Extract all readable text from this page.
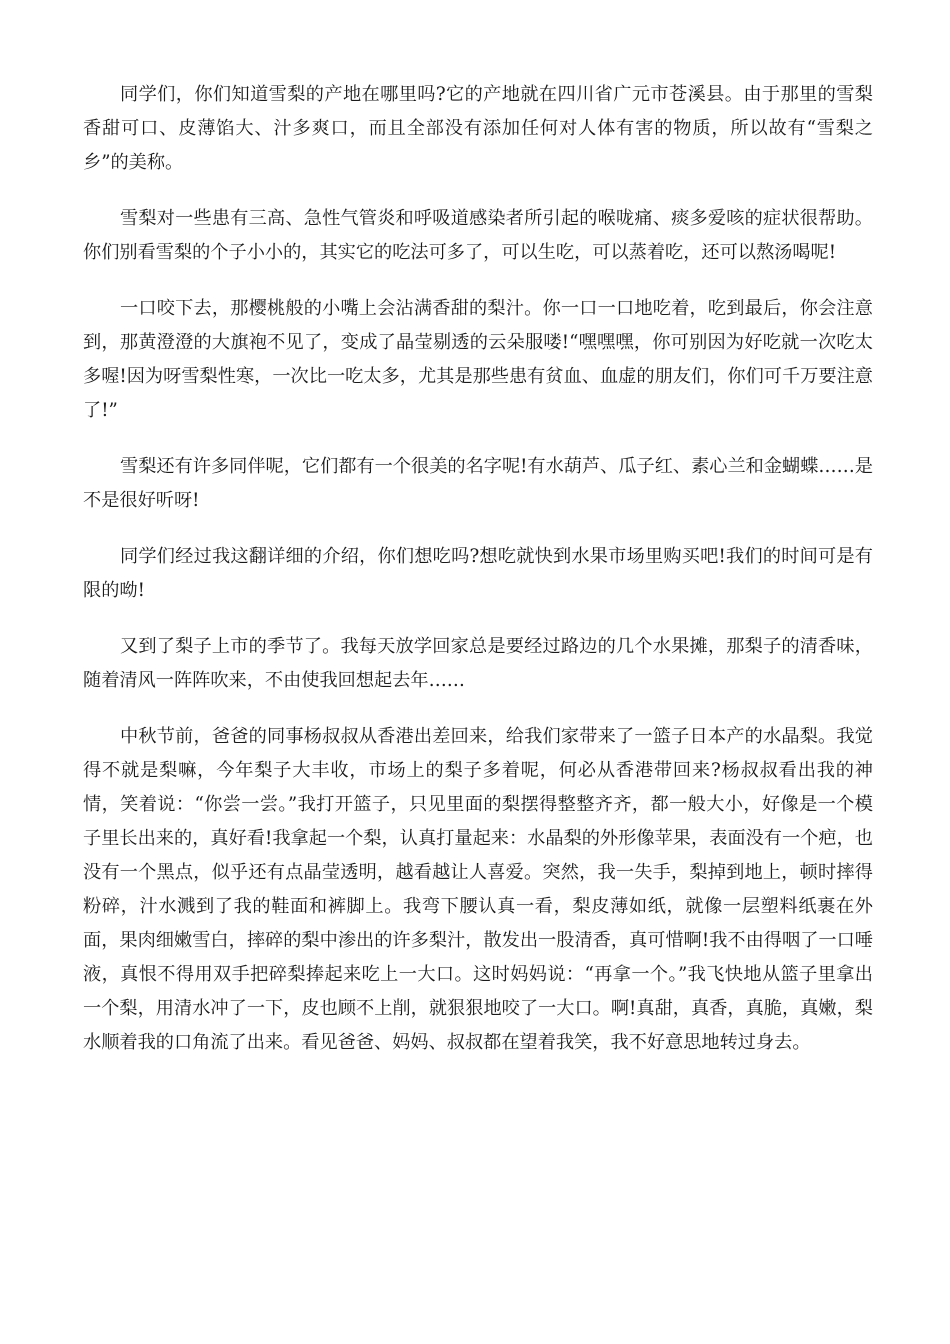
同学们，你们知道雪梨的产地在哪里吗?它的产地就在四川省广元市苍溪县。由于那里的雪梨香甜可口、皮薄馅大、汁多爽口，而且全部没有添加任何对人体有害的物质，所以故有“雪梨之乡”的美称。

雪梨对一些患有三高、急性气管炎和呼吸道感染者所引起的喉咙痛、痰多爱咳的症状很帮助。你们别看雪梨的个子小小的，其实它的吃法可多了，可以生吃，可以蒸着吃，还可以熬汤喝呢!

一口咬下去，那樱桃般的小嘴上会沾满香甜的梨汁。你一口一口地吃着，吃到最后，你会注意到，那黄澄澄的大旗袍不见了，变成了晶莹剔透的云朵服喽!“嘿嘿嘿，你可别因为好吃就一次吃太多喔!因为呀雪梨性寒，一次比一吃太多，尤其是那些患有贫血、血虚的朋友们，你们可千万要注意了!”

雪梨还有许多同伴呢，它们都有一个很美的名字呢!有水葫芦、瓜子红、素心兰和金蝴蝶……是不是很好听呀!

同学们经过我这翻详细的介绍，你们想吃吗?想吃就快到水果市场里购买吧!我们的时间可是有限的呦!

又到了梨子上市的季节了。我每天放学回家总是要经过路边的几个水果摊，那梨子的清香味，随着清风一阵阵吹来，不由使我回想起去年……

中秋节前，爸爸的同事杨叔叔从香港出差回来，给我们家带来了一篮子日本产的水晶梨。我觉得不就是梨嘛，今年梨子大丰收，市场上的梨子多着呢，何必从香港带回来?杨叔叔看出我的神情，笑着说：“你尝一尝。”我打开篮子，只见里面的梨摆得整整齐齐，都一般大小，好像是一个模子里长出来的，真好看!我拿起一个梨，认真打量起来：水晶梨的外形像苹果，表面没有一个疤，也没有一个黑点，似乎还有点晶莹透明，越看越让人喜爱。突然，我一失手，梨掉到地上，顿时摔得粉碎，汁水溅到了我的鞋面和裤脚上。我弯下腰认真一看，梨皮薄如纸，就像一层塑料纸裹在外面，果肉细嫩雪白，摔碎的梨中渗出的许多梨汁，散发出一股清香，真可惜啊!我不由得咽了一口唾液，真恨不得用双手把碎梨捧起来吃上一大口。这时妈妈说：“再拿一个。”我飞快地从篮子里拿出一个梨，用清水冲了一下，皮也顾不上削，就狠狠地咬了一大口。啊!真甜，真香，真脆，真嫩，梨水顺着我的口角流了出来。看见爸爸、妈妈、叔叔都在望着我笑，我不好意思地转过身去。
